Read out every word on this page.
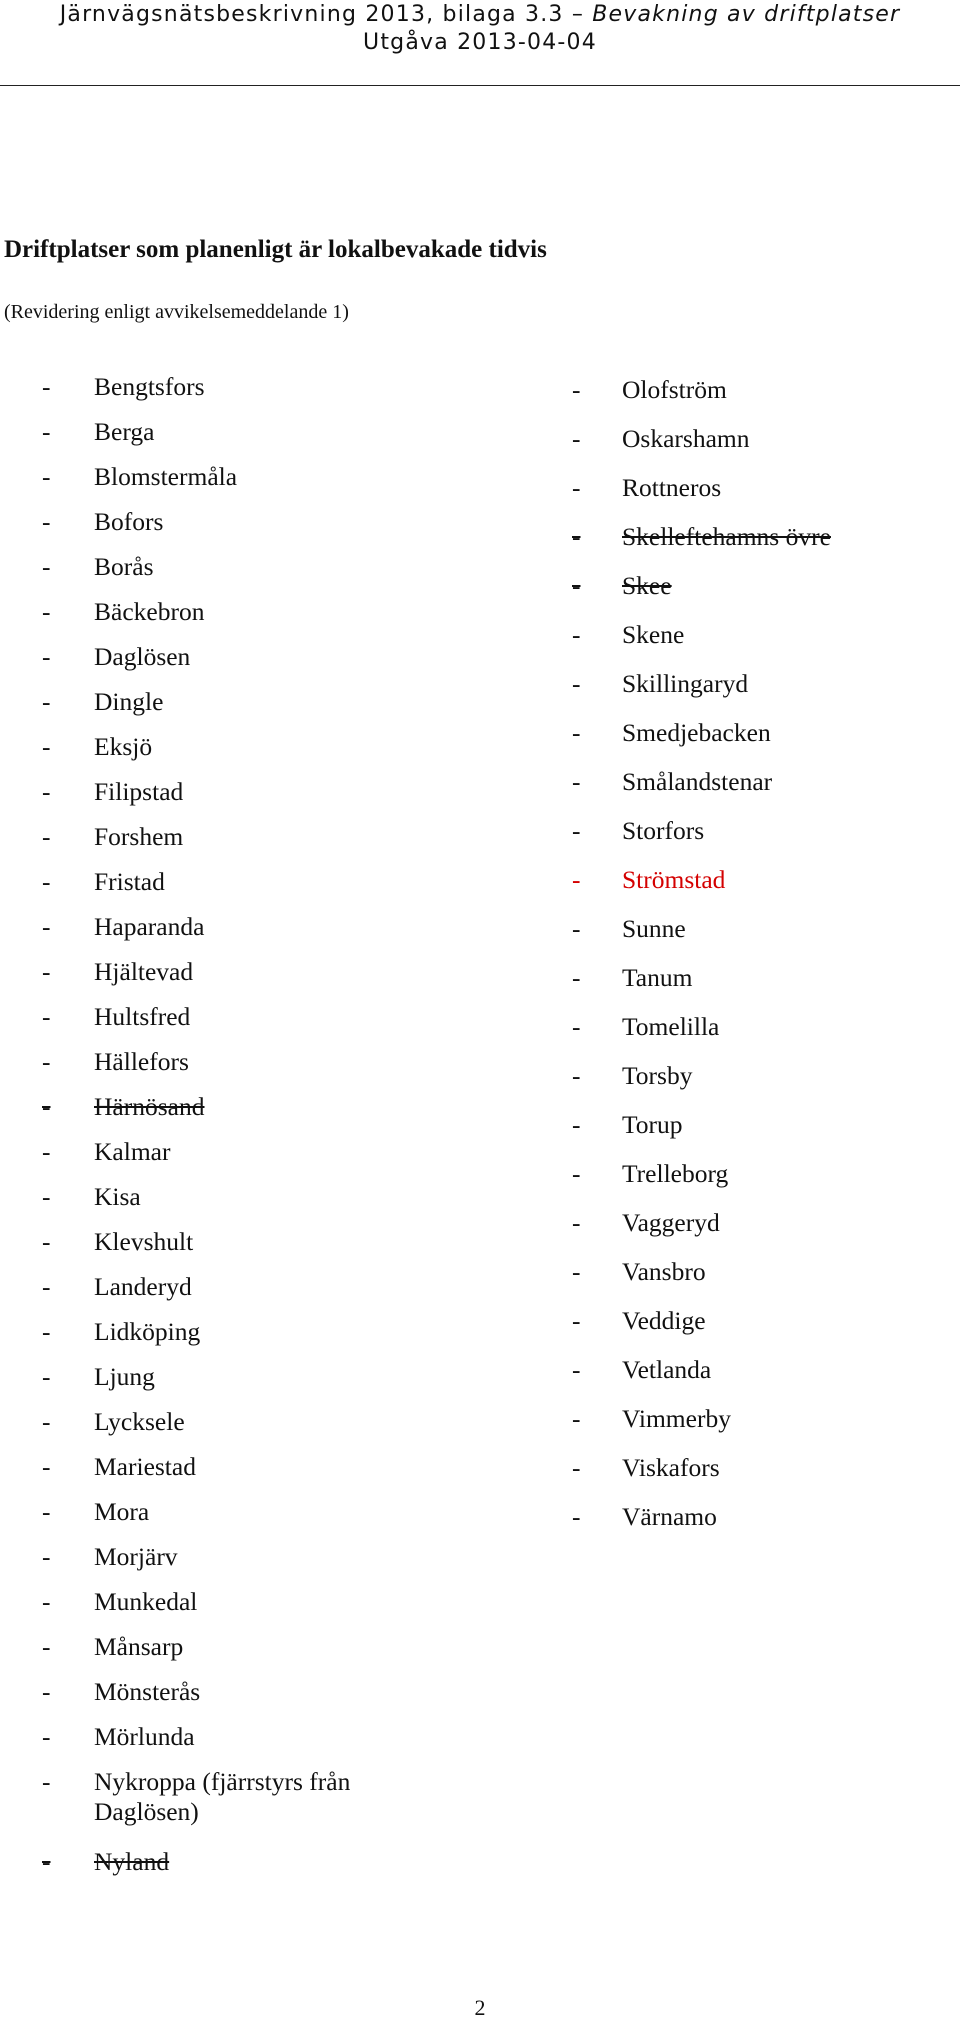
Järnvägsnätsbeskrivning 2013, bilaga 3.3 – Bevakning av driftplatser
Utgåva 2013-04-04
Driftplatser som planenligt är lokalbevakade tidvis

(Revidering enligt avvikelsemeddelande 1)

- Bengtsfors
- Berga
- Blomstermåla
- Bofors
- Borås
- Bäckebron
- Daglösen
- Dingle
- Eksjö
- Filipstad
- Forshem
- Fristad
- Haparanda
- Hjältevad
- Hultsfred
- Hällefors
- Härnösand
- Kalmar
- Kisa
- Klevshult
- Landeryd
- Lidköping
- Ljung
- Lycksele
- Mariestad
- Mora
- Morjärv
- Munkedal
- Månsarp
- Mönsterås
- Mörlunda
- Nykroppa (fjärrstyrs från Daglösen)
- Nyland
- Olofström
- Oskarshamn
- Rottneros
- Skelleftehamns övre
- Skee
- Skene
- Skillingaryd
- Smedjebacken
- Smålandstenar
- Storfors
- Strömstad
- Sunne
- Tanum
- Tomelilla
- Torsby
- Torup
- Trelleborg
- Vaggeryd
- Vansbro
- Veddige
- Vetlanda
- Vimmerby
- Viskafors
- Värnamo
2
